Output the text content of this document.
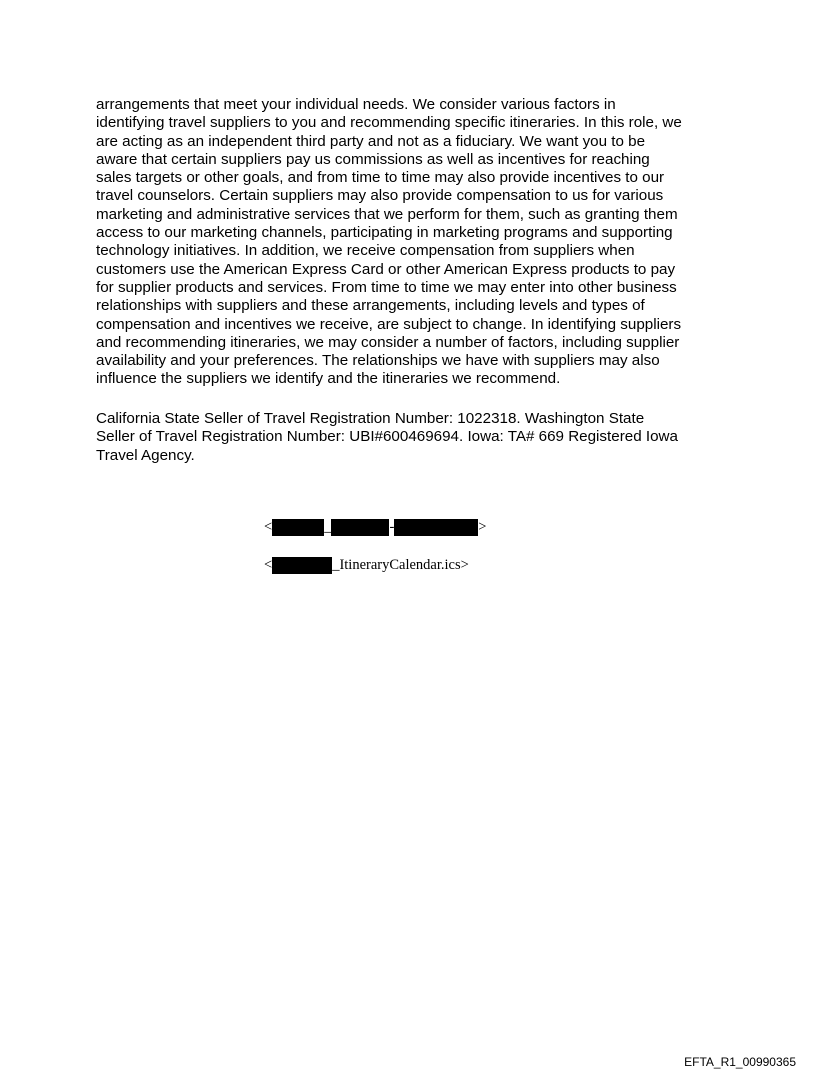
arrangements that meet your individual needs. We consider various factors in
identifying travel suppliers to you and recommending specific itineraries. In this role, we
are acting as an independent third party and not as a fiduciary. We want you to be
aware that certain suppliers pay us commissions as well as incentives for reaching
sales targets or other goals, and from time to time may also provide incentives to our
travel counselors. Certain suppliers may also provide compensation to us for various
marketing and administrative services that we perform for them, such as granting them
access to our marketing channels, participating in marketing programs and supporting
technology initiatives. In addition, we receive compensation from suppliers when
customers use the American Express Card or other American Express products to pay
for supplier products and services. From time to time we may enter into other business
relationships with suppliers and these arrangements, including levels and types of
compensation and incentives we receive, are subject to change. In identifying suppliers
and recommending itineraries, we may consider a number of factors, including supplier
availability and your preferences. The relationships we have with suppliers may also
influence the suppliers we identify and the itineraries we recommend.

California State Seller of Travel Registration Number: 1022318. Washington State
Seller of Travel Registration Number: UBI#600469694. Iowa: TA# 669 Registered Iowa
Travel Agency.

<	_	-	>
<	_ItineraryCalendar.ics>
EFTA_R1_00990365
